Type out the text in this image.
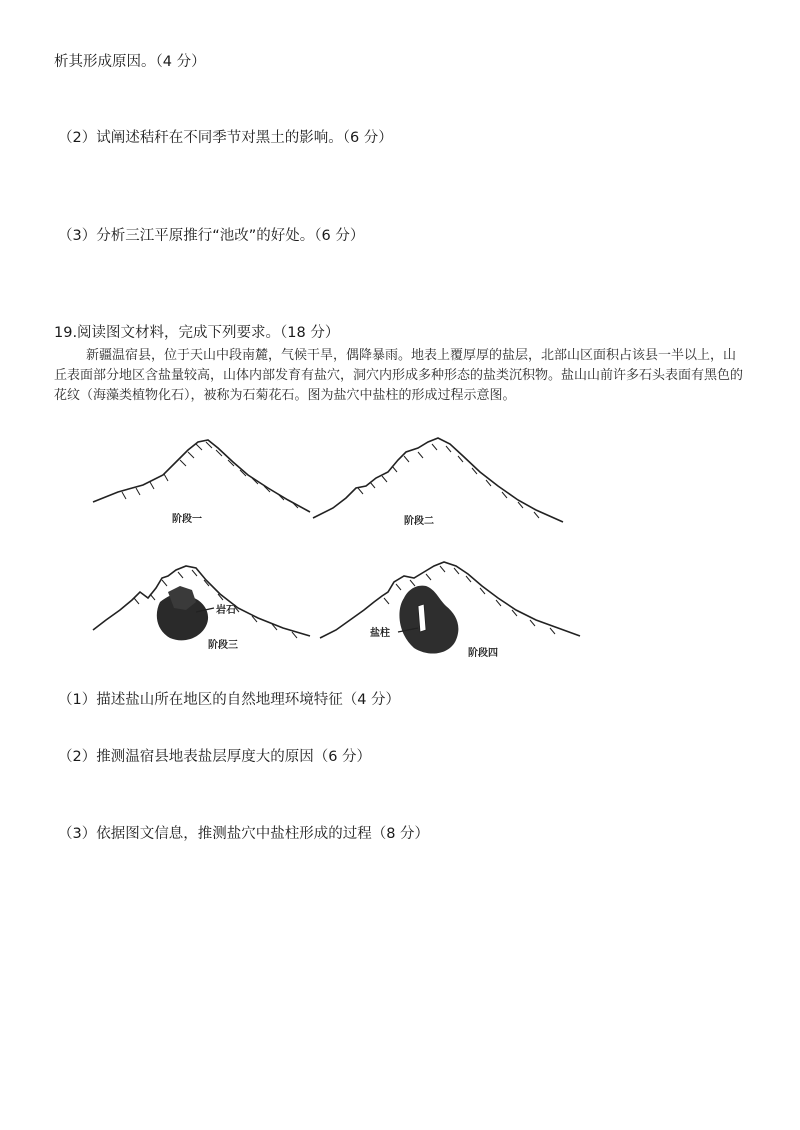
析其形成原因。（4 分）
（2）试阐述秸秆在不同季节对黑土的影响。（6 分）
（3）分析三江平原推行“池改”的好处。（6 分）
19.阅读图文材料，完成下列要求。（18 分）
新疆温宿县，位于天山中段南麓，气候干旱，偶降暴雨。地表上覆厚厚的盐层，北部山区面积占该县一半以上，山丘表面部分地区含盐量较高，山体内部发育有盐穴，洞穴内形成多种形态的盐类沉积物。盐山山前许多石头表面有黑色的花纹（海藻类植物化石），被称为石菊花石。图为盐穴中盐柱的形成过程示意图。
阶段一	阶段二
岩石
阶段三
盐柱
阶段四
（1）描述盐山所在地区的自然地理环境特征（4 分）
（2）推测温宿县地表盐层厚度大的原因（6 分）
（3）依据图文信息，推测盐穴中盐柱形成的过程（8 分）
